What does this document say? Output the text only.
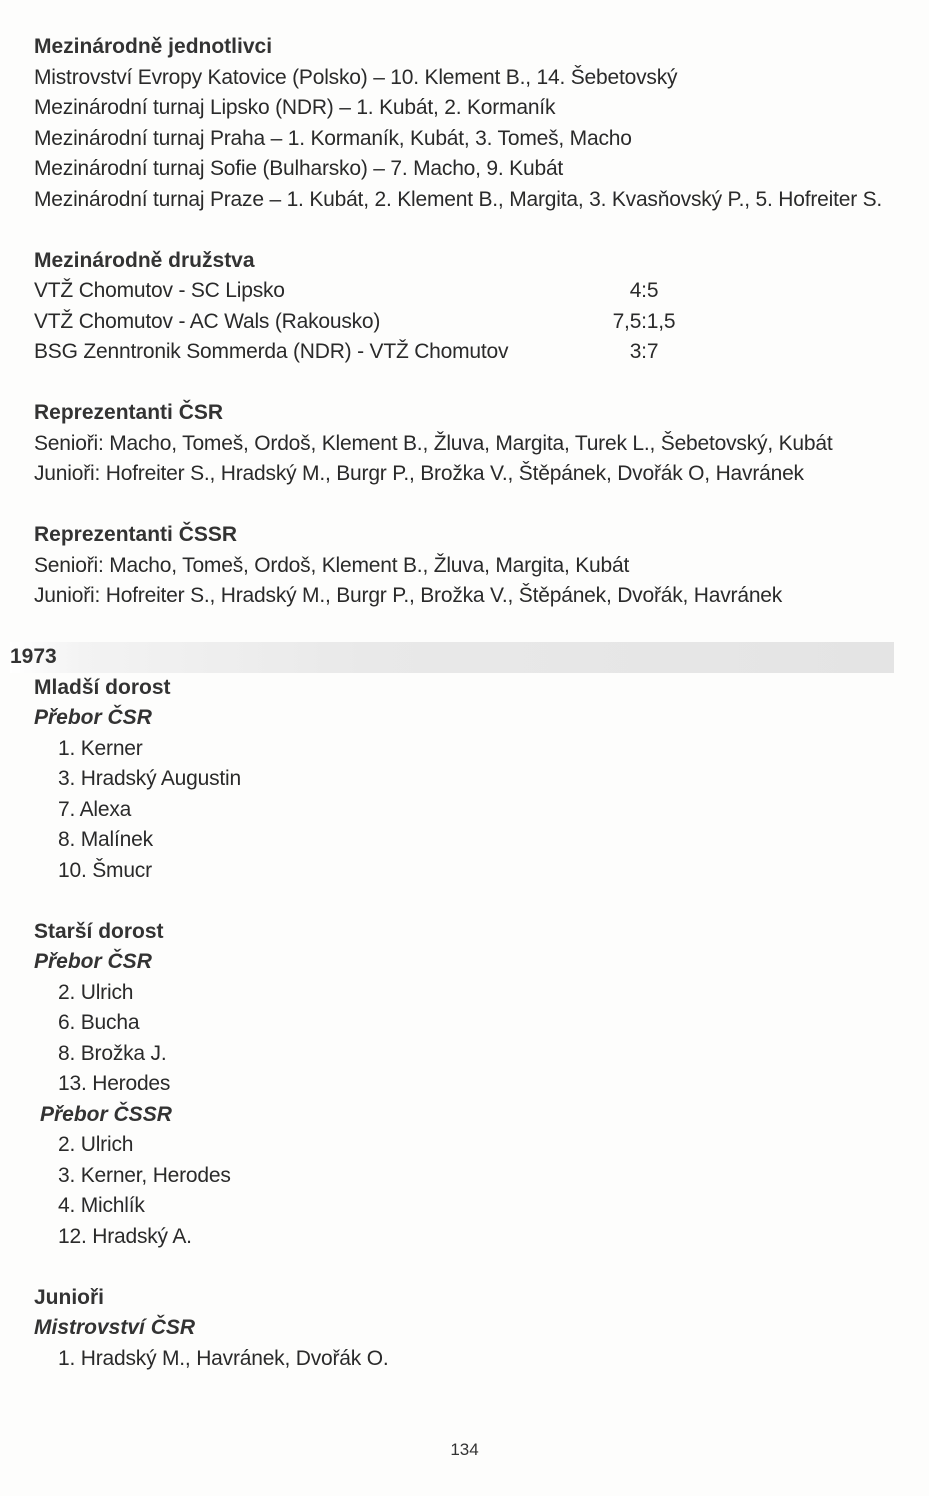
Mezinárodně jednotlivci
Mistrovství Evropy Katovice (Polsko) – 10. Klement B., 14. Šebetovský
Mezinárodní turnaj Lipsko (NDR) – 1. Kubát, 2. Kormaník
Mezinárodní turnaj Praha – 1. Kormaník, Kubát, 3. Tomeš, Macho
Mezinárodní turnaj Sofie (Bulharsko) – 7. Macho, 9. Kubát
Mezinárodní turnaj Praze – 1. Kubát, 2. Klement B., Margita, 3. Kvasňovský P., 5. Hofreiter S.
Mezinárodně družstva
VTŽ Chomutov - SC Lipsko	4:5
VTŽ Chomutov - AC Wals (Rakousko)	7,5:1,5
BSG Zenntronik Sommerda (NDR) - VTŽ Chomutov	3:7
Reprezentanti ČSR
Senioři: Macho, Tomeš, Ordoš, Klement B., Žluva, Margita, Turek L., Šebetovský, Kubát
Junioři: Hofreiter S., Hradský M., Burgr P., Brožka V., Štěpánek, Dvořák O, Havránek
Reprezentanti ČSSR
Senioři: Macho, Tomeš, Ordoš, Klement B., Žluva, Margita, Kubát
Junioři: Hofreiter S., Hradský M., Burgr P., Brožka V., Štěpánek, Dvořák, Havránek
1973
Mladší dorost
Přebor ČSR
1. Kerner
3. Hradský Augustin
7. Alexa
8. Malínek
10. Šmucr
Starší dorost
Přebor ČSR
2. Ulrich
6. Bucha
8. Brožka J.
13. Herodes
Přebor ČSSR
2. Ulrich
3. Kerner, Herodes
4. Michlík
12. Hradský A.
Junioři
Mistrovství ČSR
1. Hradský M., Havránek, Dvořák O.
134
